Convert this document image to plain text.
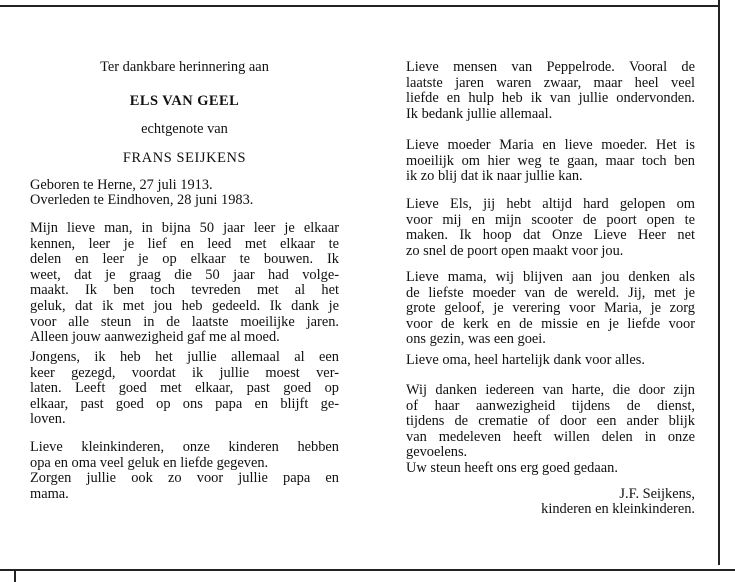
Ter dankbare herinnering aan
ELS VAN GEEL
echtgenote van
FRANS SEIJKENS
Geboren te Herne, 27 juli 1913.
Overleden te Eindhoven, 28 juni 1983.
Mijn lieve man, in bijna 50 jaar leer je elkaar
kennen, leer je lief en leed met elkaar te
delen en leer je op elkaar te bouwen. Ik
weet, dat je graag die 50 jaar had volge-
maakt. Ik ben toch tevreden met al het
geluk, dat ik met jou heb gedeeld. Ik dank je
voor alle steun in de laatste moeilijke jaren.
Alleen jouw aanwezigheid gaf me al moed.
Jongens, ik heb het jullie allemaal al een
keer gezegd, voordat ik jullie moest ver-
laten. Leeft goed met elkaar, past goed op
elkaar, past goed op ons papa en blijft ge-
loven.
Lieve kleinkinderen, onze kinderen hebben
opa en oma veel geluk en liefde gegeven.
Zorgen jullie ook zo voor jullie papa en
mama.
Lieve mensen van Peppelrode. Vooral de
laatste jaren waren zwaar, maar heel veel
liefde en hulp heb ik van jullie ondervonden.
Ik bedank jullie allemaal.
Lieve moeder Maria en lieve moeder. Het is
moeilijk om hier weg te gaan, maar toch ben
ik zo blij dat ik naar jullie kan.
Lieve Els, jij hebt altijd hard gelopen om
voor mij en mijn scooter de poort open te
maken. Ik hoop dat Onze Lieve Heer net
zo snel de poort open maakt voor jou.
Lieve mama, wij blijven aan jou denken als
de liefste moeder van de wereld. Jij, met je
grote geloof, je verering voor Maria, je zorg
voor de kerk en de missie en je liefde voor
ons gezin, was een goei.
Lieve oma, heel hartelijk dank voor alles.
Wij danken iedereen van harte, die door zijn
of haar aanwezigheid tijdens de dienst,
tijdens de crematie of door een ander blijk
van medeleven heeft willen delen in onze
gevoelens.
Uw steun heeft ons erg goed gedaan.
J.F. Seijkens,
kinderen en kleinkinderen.
